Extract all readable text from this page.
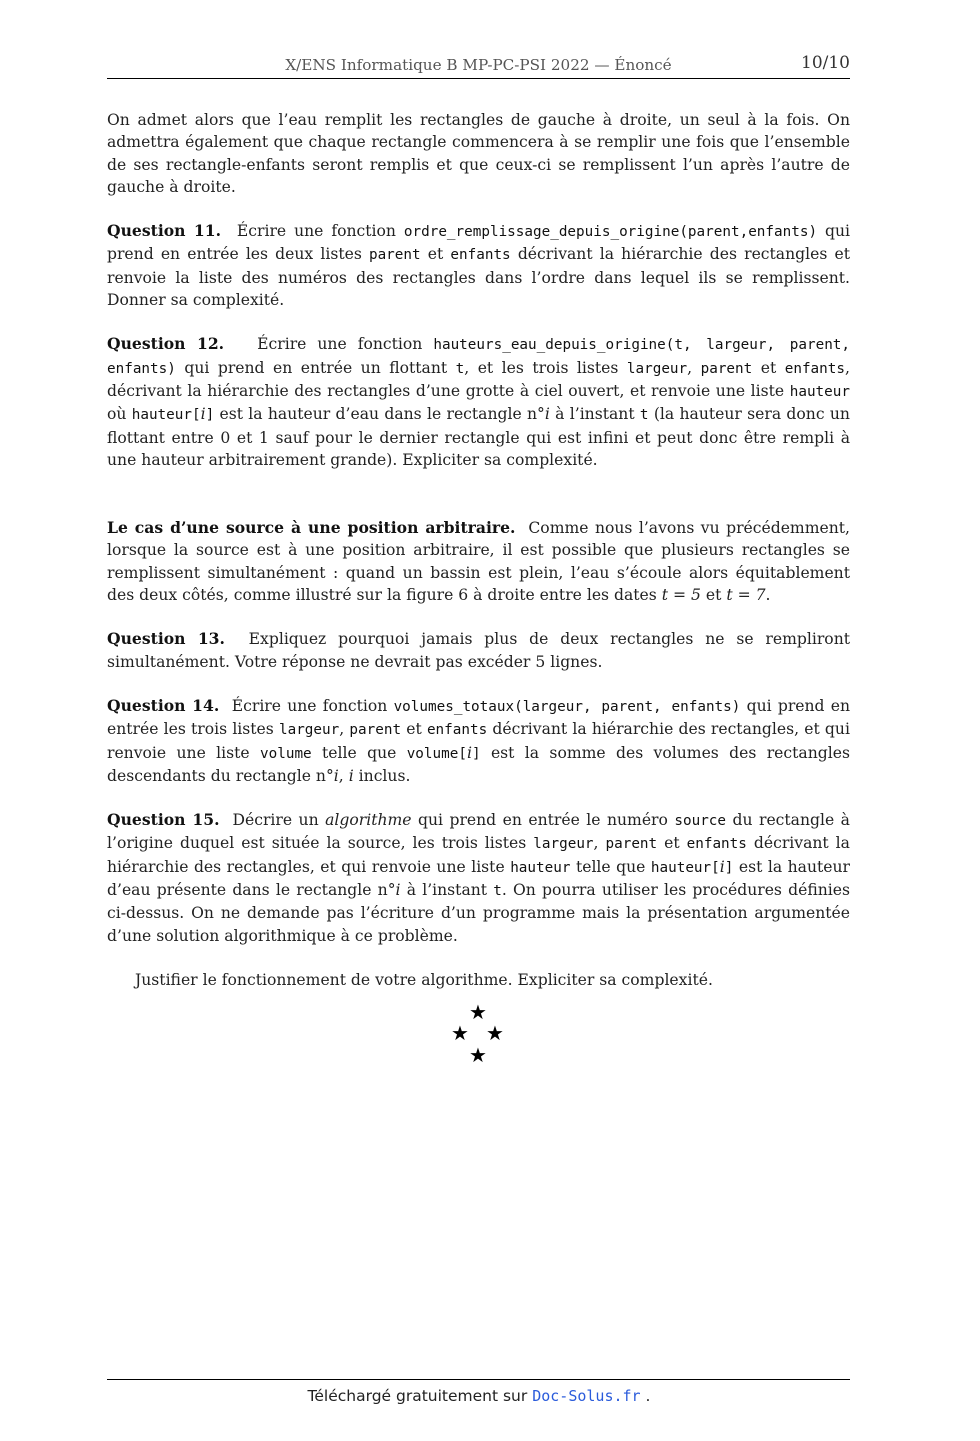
X/ENS Informatique B MP-PC-PSI 2022 — Énoncé	10/10

On admet alors que l’eau remplit les rectangles de gauche à droite, un seul à la fois. On admettra également que chaque rectangle commencera à se remplir une fois que l’ensemble de ses rectangle-enfants seront remplis et que ceux-ci se remplissent l’un après l’autre de gauche à droite.

Question 11. Écrire une fonction ordre_remplissage_depuis_origine(parent,enfants) qui prend en entrée les deux listes parent et enfants décrivant la hiérarchie des rectangles et renvoie la liste des numéros des rectangles dans l’ordre dans lequel ils se remplissent. Donner sa complexité.

Question 12. Écrire une fonction hauteurs_eau_depuis_origine(t, largeur, parent, enfants) qui prend en entrée un flottant t, et les trois listes largeur, parent et enfants, décrivant la hiérarchie des rectangles d’une grotte à ciel ouvert, et renvoie une liste hauteur où hauteur[i] est la hauteur d’eau dans le rectangle n°i à l’instant t (la hauteur sera donc un flottant entre 0 et 1 sauf pour le dernier rectangle qui est infini et peut donc être rempli à une hauteur arbitrairement grande). Expliciter sa complexité.

Le cas d’une source à une position arbitraire. Comme nous l’avons vu précédemment, lorsque la source est à une position arbitraire, il est possible que plusieurs rectangles se remplissent simultanément : quand un bassin est plein, l’eau s’écoule alors équitablement des deux côtés, comme illustré sur la figure 6 à droite entre les dates t = 5 et t = 7.

Question 13. Expliquez pourquoi jamais plus de deux rectangles ne se rempliront simultanément. Votre réponse ne devrait pas excéder 5 lignes.

Question 14. Écrire une fonction volumes_totaux(largeur, parent, enfants) qui prend en entrée les trois listes largeur, parent et enfants décrivant la hiérarchie des rectangles, et qui renvoie une liste volume telle que volume[i] est la somme des volumes des rectangles descendants du rectangle n°i, i inclus.

Question 15. Décrire un algorithme qui prend en entrée le numéro source du rectangle à l’origine duquel est située la source, les trois listes largeur, parent et enfants décrivant la hiérarchie des rectangles, et qui renvoie une liste hauteur telle que hauteur[i] est la hauteur d’eau présente dans le rectangle n°i à l’instant t. On pourra utiliser les procédures définies ci-dessus. On ne demande pas l’écriture d’un programme mais la présentation argumentée d’une solution algorithmique à ce problème.

Justifier le fonctionnement de votre algorithme. Expliciter sa complexité.

★
★ ★
★
Téléchargé gratuitement sur Doc-Solus.fr .
